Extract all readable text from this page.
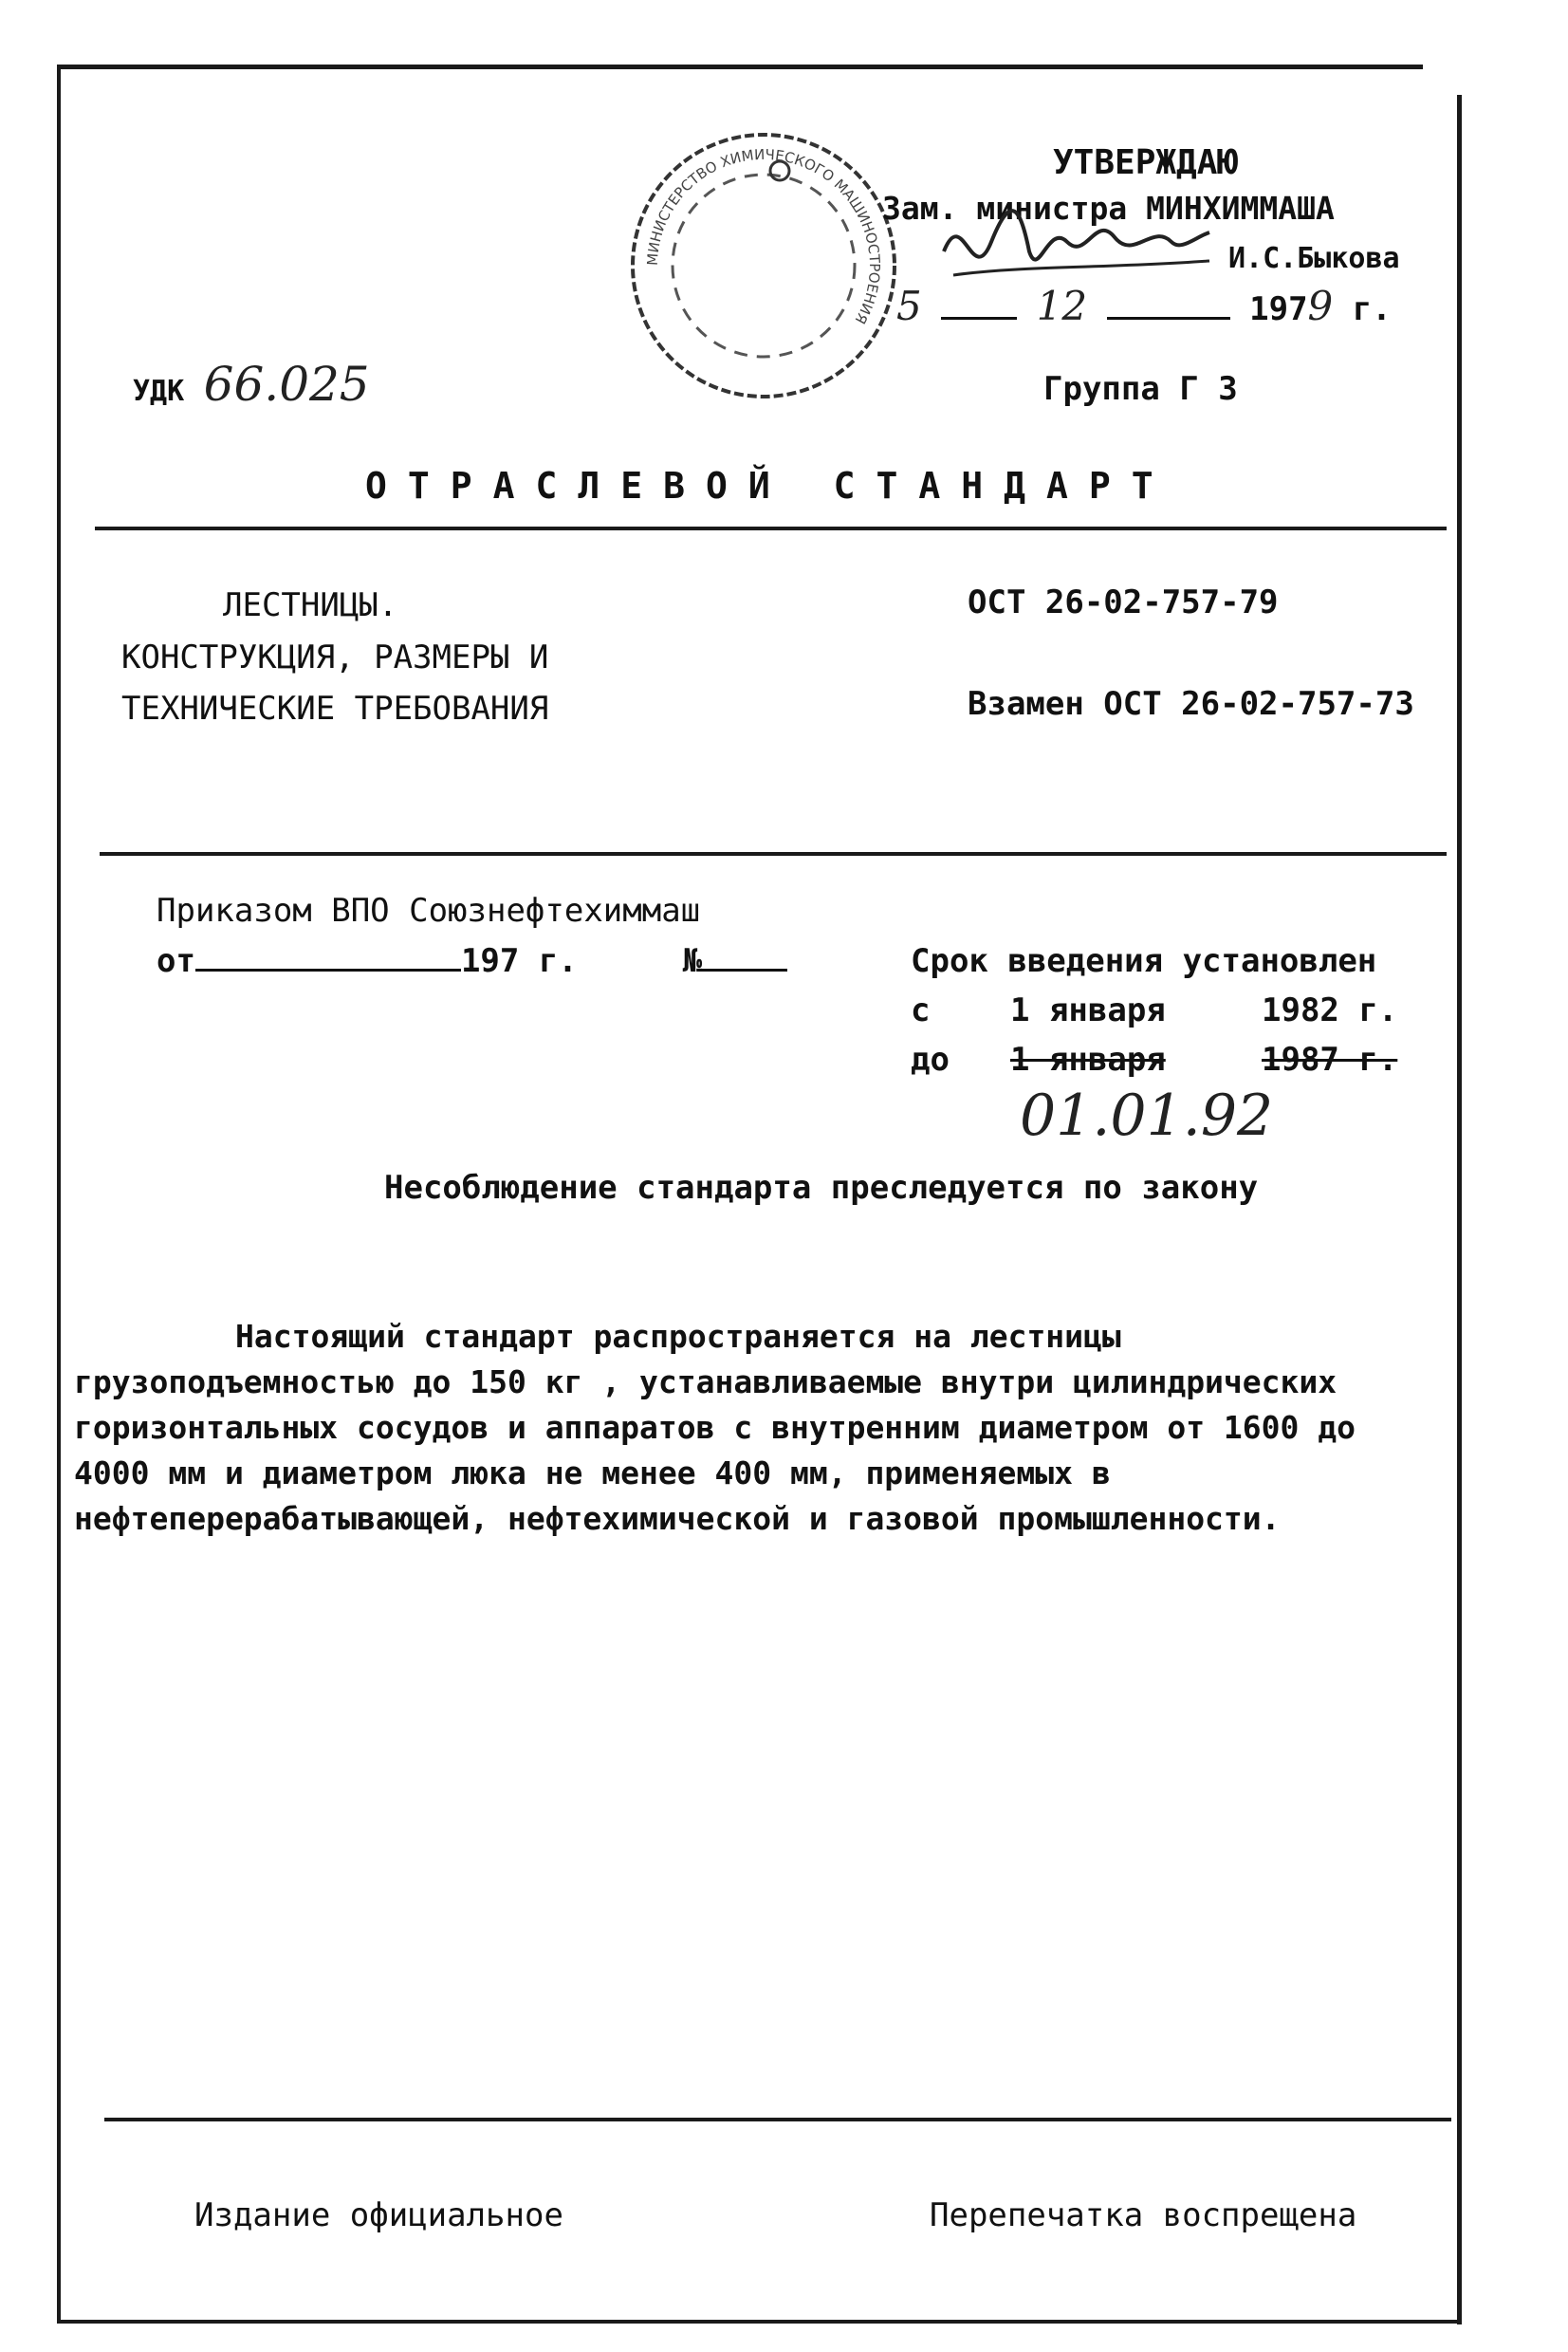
МИНИСТЕРСТВО ХИМИЧЕСКОГО МАШИНОСТРОЕНИЯ
УТВЕРЖДАЮ
Зам. министра МИНХИММАША
И.С.Быкова
5	12	1979 г.
УДК 66.025	Группа Г 3
ОТРАСЛЕВОЙ СТАНДАРТ
ЛЕСТНИЦЫ.
КОНСТРУКЦИЯ, РАЗМЕРЫ И
ТЕХНИЧЕСКИЕ ТРЕБОВАНИЯ
ОСТ 26-02-757-79
Взамен ОСТ 26-02-757-73
Приказом ВПО Союзнефтехиммаш
от	197 г.	№	Срок введения установлен
с 1 января	1982 г.
до 1 января	1987 г.
01.01.92
Несоблюдение стандарта преследуется по закону

Настоящий стандарт распространяется на лестницы грузоподъемностью до 150 кг , устанавливаемые внутри цилиндрических горизонтальных сосудов и аппаратов с внутренним диаметром от 1600 до 4000 мм и диаметром люка не менее 400 мм, применяемых в нефтеперерабатывающей, нефтехимической и газовой промышленности.

Издание официальное	Перепечатка воспрещена
